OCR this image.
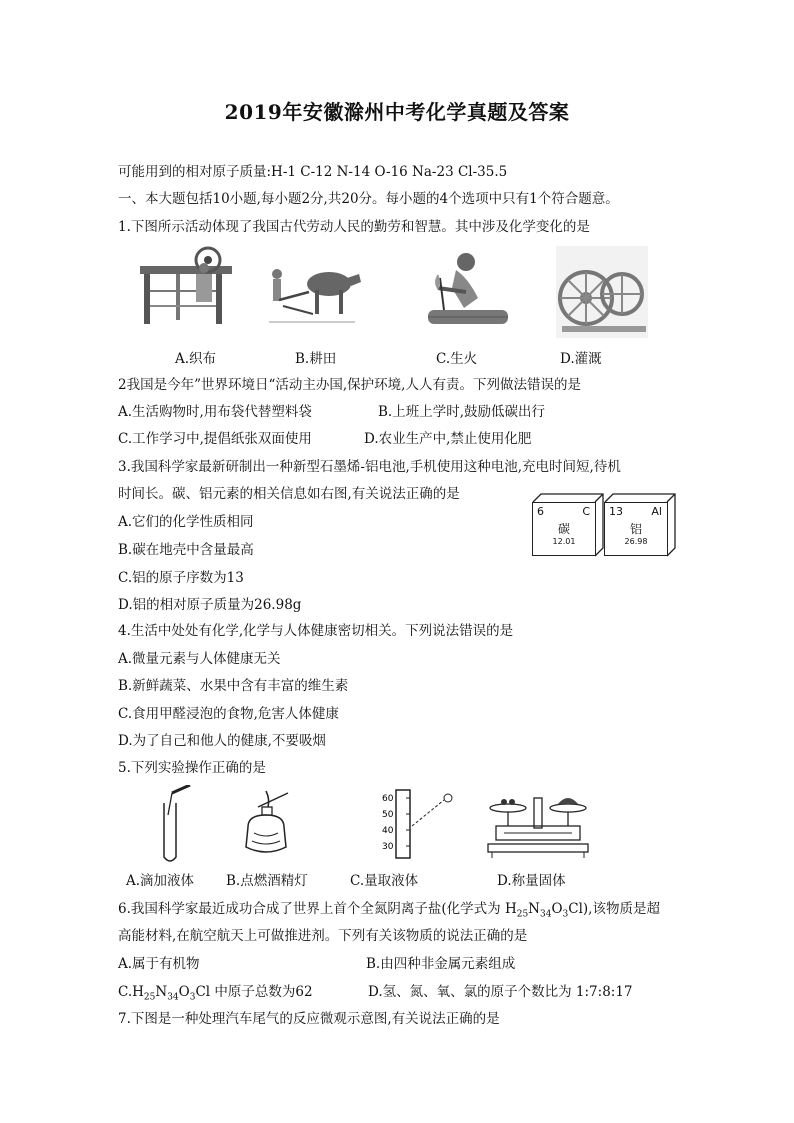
2019年安徽滁州中考化学真题及答案
可能用到的相对原子质量:H-1 C-12 N-14 O-16 Na-23 Cl-35.5
一、本大题包括10小题,每小题2分,共20分。每小题的4个选项中只有1个符合题意。
1.下图所示活动体现了我国古代劳动人民的勤劳和智慧。其中涉及化学变化的是
A.织布	B.耕田	C.生火	D.灌溉
2我国是今年”世界环境日“活动主办国,保护环境,人人有责。下列做法错误的是
A.生活购物时,用布袋代替塑料袋	B.上班上学时,鼓励低碳出行
C.工作学习中,提倡纸张双面使用	D.农业生产中,禁止使用化肥
3.我国科学家最新研制出一种新型石墨烯-铝电池,手机使用这种电池,充电时间短,待机
时间长。碳、铝元素的相关信息如右图,有关说法正确的是
A.它们的化学性质相同
B.碳在地壳中含量最高
C.铝的原子序数为13
D.铝的相对原子质量为26.98g
6	C
碳
12.01
13	Al
铝
26.98
4.生活中处处有化学,化学与人体健康密切相关。下列说法错误的是
A.微量元素与人体健康无关
B.新鲜蔬菜、水果中含有丰富的维生素
C.食用甲醛浸泡的食物,危害人体健康
D.为了自己和他人的健康,不要吸烟
5.下列实验操作正确的是
60
50
40
30
A.滴加液体 B.点燃酒精灯	C.量取液体	D.称量固体
6.我国科学家最近成功合成了世界上首个全氮阴离子盐(化学式为 $H_{25}N_{34}O_3Cl$),该物质是超
高能材料,在航空航天上可做推进剂。下列有关该物质的说法正确的是
A.属于有机物	B.由四种非金属元素组成
$C.H_{25}N_{34}O_3Cl$ 中原子总数为62	D.氢、氮、氧、氯的原子个数比为 1:7:8:17
7.下图是一种处理汽车尾气的反应微观示意图,有关说法正确的是
